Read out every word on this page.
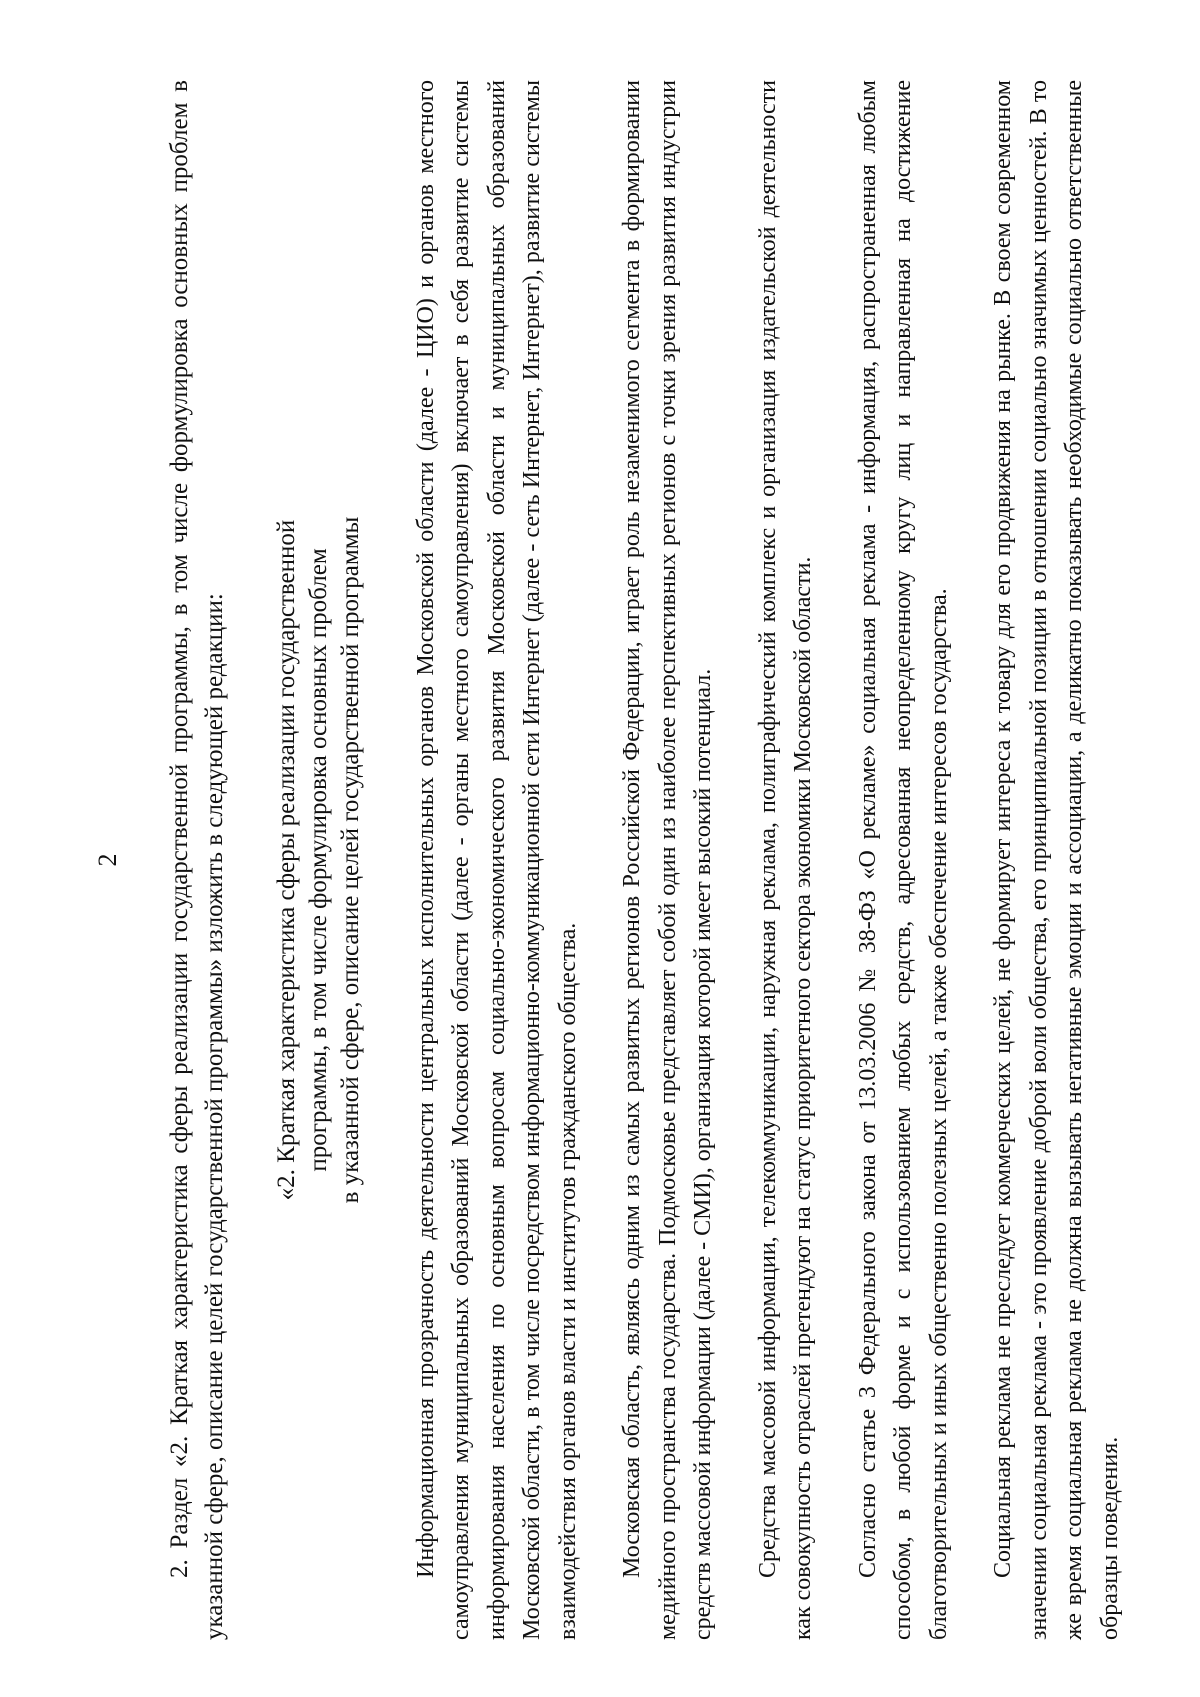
2 2. Раздел «2. Краткая характеристика сферы реализации государственной программы, в том числе формулировка основных проблем в указанной сфере, описание целей государственной программы» изложить в следующей редакции: «2. Краткая характеристика сферы реализации государственной программы, в том числе формулировка основных проблем в указанной сфере, описание целей государственной программы Информационная прозрачность деятельности центральных исполнительных органов Московской области (далее - ЦИО) и органов местного самоуправления муниципальных образований Московской области (далее - органы местного самоуправления) включает в себя развитие системы информирования населения по основным вопросам социально-экономического развития Московской области и муниципальных образований Московской области, в том числе посредством информационно-коммуникационной сети Интернет (далее - сеть Интернет, Интернет), развитие системы взаимодействия органов власти и институтов гражданского общества. Московская область, являясь одним из самых развитых регионов Российской Федерации, играет роль незаменимого сегмента в формировании медийного пространства государства. Подмосковье представляет собой один из наиболее перспективных регионов с точки зрения развития индустрии средств массовой информации (далее - СМИ), организация которой имеет высокий потенциал. Средства массовой информации, телекоммуникации, наружная реклама, полиграфический комплекс и организация издательской деятельности как совокупность отраслей претендуют на статус приоритетного сектора экономики Московской области. Согласно статье 3 Федерального закона от 13.03.2006 № 38-ФЗ «О рекламе» социальная реклама - информация, распространенная любым способом, в любой форме и с использованием любых средств, адресованная неопределенному кругу лиц и направленная на достижение благотворительных и иных общественно полезных целей, а также обеспечение интересов государства. Социальная реклама не преследует коммерческих целей, не формирует интереса к товару для его продвижения на рынке. В своем современном значении социальная реклама - это проявление доброй воли общества, его принципиальной позиции в отношении социально значимых ценностей. В то же время социальная реклама не должна вызывать негативные эмоции и ассоциации, а деликатно показывать необходимые социально ответственные образцы поведения.
